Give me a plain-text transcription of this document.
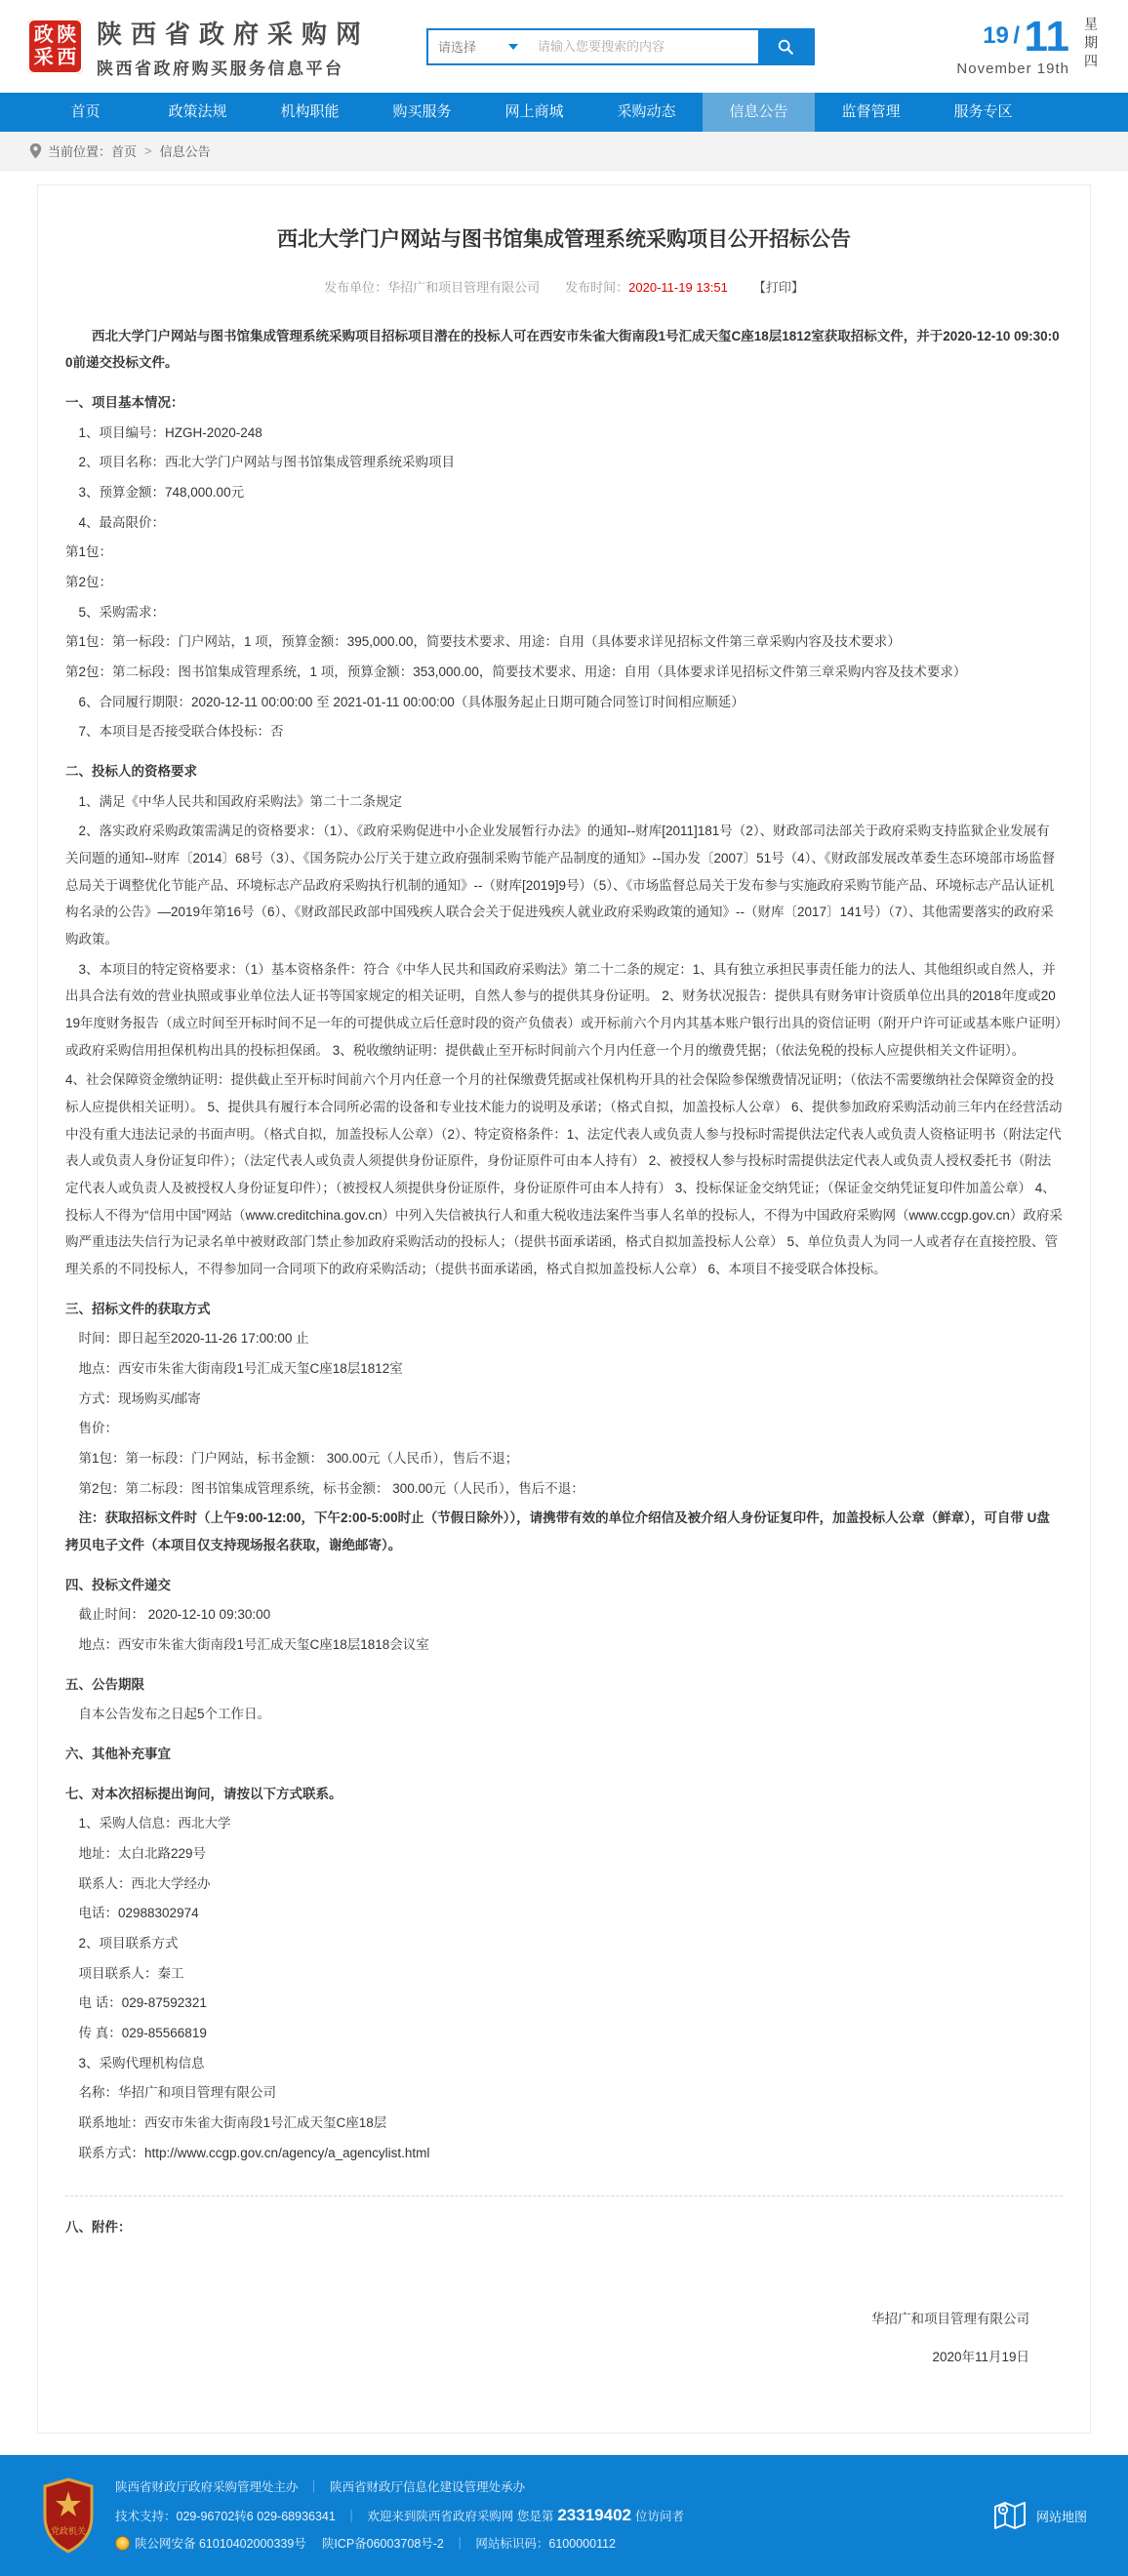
政 陕
采 西
陕西省政府采购网
陕西省政府购买服务信息平台
请选择
请输入您要搜索的内容	19 / 11
November 19th 星期四
首页	政策法规	机构职能	购买服务	网上商城	采购动态	信息公告	监督管理	服务专区
当前位置： 首页 > 信息公告
西北大学门户网站与图书馆集成管理系统采购项目公开招标公告
发布单位：华招广和项目管理有限公司 发布时间：2020-11-19 13:51 【打印】

西北大学门户网站与图书馆集成管理系统采购项目招标项目潜在的投标人可在西安市朱雀大街南段1号汇成天玺C座18层1812室获取招标文件，并于2020-12-10 09:30:00前递交投标文件。

一、项目基本情况：

1、项目编号：HZGH-2020-248

2、项目名称：西北大学门户网站与图书馆集成管理系统采购项目

3、预算金额：748,000.00元

4、最高限价：

第1包：

第2包：

5、采购需求：

第1包：第一标段：门户网站，1 项，预算金额：395,000.00，简要技术要求、用途：自用（具体要求详见招标文件第三章采购内容及技术要求）

第2包：第二标段：图书馆集成管理系统，1 项，预算金额：353,000.00，简要技术要求、用途：自用（具体要求详见招标文件第三章采购内容及技术要求）

6、合同履行期限：2020-12-11 00:00:00 至 2021-01-11 00:00:00（具体服务起止日期可随合同签订时间相应顺延）

7、本项目是否接受联合体投标：否

二、投标人的资格要求

1、满足《中华人民共和国政府采购法》第二十二条规定

2、落实政府采购政策需满足的资格要求：（1）、《政府采购促进中小企业发展暂行办法》的通知--财库[2011]181号（2）、财政部司法部关于政府采购支持监狱企业发展有关问题的通知--财库〔2014〕68号（3）、《国务院办公厅关于建立政府强制采购节能产品制度的通知》--国办发〔2007〕51号（4）、《财政部发展改革委生态环境部市场监督总局关于调整优化节能产品、环境标志产品政府采购执行机制的通知》--（财库[2019]9号）（5）、《市场监督总局关于发布参与实施政府采购节能产品、环境标志产品认证机构名录的公告》—2019年第16号（6）、《财政部民政部中国残疾人联合会关于促进残疾人就业政府采购政策的通知》--（财库〔2017〕141号）（7）、其他需要落实的政府采购政策。

3、本项目的特定资格要求：（1）基本资格条件：符合《中华人民共和国政府采购法》第二十二条的规定：1、具有独立承担民事责任能力的法人、其他组织或自然人，并出具合法有效的营业执照或事业单位法人证书等国家规定的相关证明，自然人参与的提供其身份证明。 2、财务状况报告：提供具有财务审计资质单位出具的2018年度或2019年度财务报告（成立时间至开标时间不足一年的可提供成立后任意时段的资产负债表）或开标前六个月内其基本账户银行出具的资信证明（附开户许可证或基本账户证明）或政府采购信用担保机构出具的投标担保函。 3、税收缴纳证明：提供截止至开标时间前六个月内任意一个月的缴费凭据；（依法免税的投标人应提供相关文件证明）。

4、社会保障资金缴纳证明：提供截止至开标时间前六个月内任意一个月的社保缴费凭据或社保机构开具的社会保险参保缴费情况证明；（依法不需要缴纳社会保障资金的投标人应提供相关证明）。 5、提供具有履行本合同所必需的设备和专业技术能力的说明及承诺；（格式自拟，加盖投标人公章） 6、提供参加政府采购活动前三年内在经营活动中没有重大违法记录的书面声明。（格式自拟，加盖投标人公章）（2）、特定资格条件：1、法定代表人或负责人参与投标时需提供法定代表人或负责人资格证明书（附法定代表人或负责人身份证复印件）；（法定代表人或负责人须提供身份证原件，身份证原件可由本人持有） 2、被授权人参与投标时需提供法定代表人或负责人授权委托书（附法定代表人或负责人及被授权人身份证复印件）；（被授权人须提供身份证原件，身份证原件可由本人持有） 3、投标保证金交纳凭证；（保证金交纳凭证复印件加盖公章） 4、投标人不得为“信用中国”网站（www.creditchina.gov.cn）中列入失信被执行人和重大税收违法案件当事人名单的投标人，不得为中国政府采购网（www.ccgp.gov.cn）政府采购严重违法失信行为记录名单中被财政部门禁止参加政府采购活动的投标人；（提供书面承诺函，格式自拟加盖投标人公章） 5、单位负责人为同一人或者存在直接控股、管理关系的不同投标人，不得参加同一合同项下的政府采购活动；（提供书面承诺函，格式自拟加盖投标人公章） 6、本项目不接受联合体投标。

三、招标文件的获取方式

时间：即日起至2020-11-26 17:00:00 止

地点：西安市朱雀大街南段1号汇成天玺C座18层1812室

方式：现场购买/邮寄

售价：

第1包：第一标段：门户网站，标书金额： 300.00元（人民币），售后不退；

第2包：第二标段：图书馆集成管理系统，标书金额： 300.00元（人民币），售后不退：

注：获取招标文件时（上午9:00-12:00，下午2:00-5:00时止（节假日除外）），请携带有效的单位介绍信及被介绍人身份证复印件，加盖投标人公章（鲜章），可自带 U盘拷贝电子文件（本项目仅支持现场报名获取，谢绝邮寄）。

四、投标文件递交

截止时间： 2020-12-10 09:30:00

地点：西安市朱雀大街南段1号汇成天玺C座18层1818会议室

五、公告期限

自本公告发布之日起5个工作日。

六、其他补充事宜

七、对本次招标提出询问，请按以下方式联系。

1、采购人信息：西北大学

地址：太白北路229号

联系人：西北大学经办

电话：02988302974

2、项目联系方式

项目联系人：秦工

电 话：029-87592321

传 真：029-85566819

3、采购代理机构信息

名称：华招广和项目管理有限公司

联系地址：西安市朱雀大街南段1号汇成天玺C座18层

联系方式：http://www.ccgp.gov.cn/agency/a_agencylist.html

八、附件：

华招广和项目管理有限公司
2020年11月19日
党政机关
陕西省财政厅政府采购管理处主办 ｜ 陕西省财政厅信息化建设管理处承办
技术支持：029-96702转6 029-68936341 ｜ 欢迎来到陕西省政府采购网 您是第 23319402 位访问者
陕公网安备 61010402000339号 陕ICP备06003708号-2 ｜ 网站标识码：6100000112
网站地图
